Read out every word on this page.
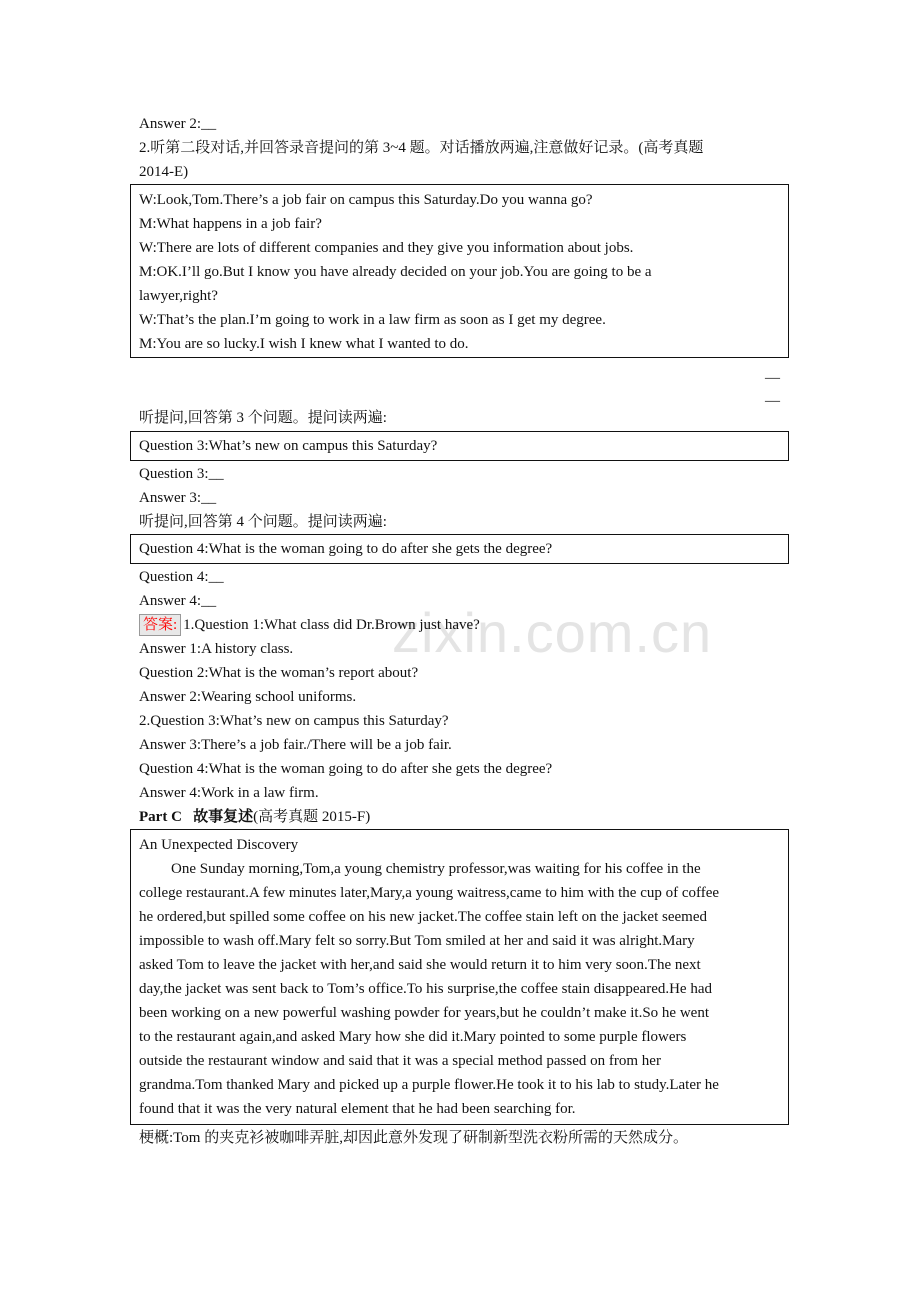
zixin.com.cn
Answer 2:__
2.听第二段对话,并回答录音提问的第 3~4 题。对话播放两遍,注意做好记录。(高考真题
2014-E)
W:Look,Tom.There’s a job fair on campus this Saturday.Do you wanna go?
M:What happens in a job fair?
W:There are lots of different companies and they give you information about jobs.
M:OK.I’ll go.But I know you have already decided on your job.You are going to be a
lawyer,right?
W:That’s the plan.I’m going to work in a law firm as soon as I get my degree.
M:You are so lucky.I wish I knew what I wanted to do.
—
—
听提问,回答第 3 个问题。提问读两遍:
Question 3:What’s new on campus this Saturday?
Question 3:__
Answer 3:__
听提问,回答第 4 个问题。提问读两遍:
Question 4:What is the woman going to do after she gets the degree?
Question 4:__
Answer 4:__
答案: 1.Question 1:What class did Dr.Brown just have?
Answer 1:A history class.
Question 2:What is the woman’s report about?
Answer 2:Wearing school uniforms.
2.Question 3:What’s new on campus this Saturday?
Answer 3:There’s a job fair./There will be a job fair.
Question 4:What is the woman going to do after she gets the degree?
Answer 4:Work in a law firm.
Part C 故事复述(高考真题 2015-F)
An Unexpected Discovery
One Sunday morning,Tom,a young chemistry professor,was waiting for his coffee in the
college restaurant.A few minutes later,Mary,a young waitress,came to him with the cup of coffee
he ordered,but spilled some coffee on his new jacket.The coffee stain left on the jacket seemed
impossible to wash off.Mary felt so sorry.But Tom smiled at her and said it was alright.Mary
asked Tom to leave the jacket with her,and said she would return it to him very soon.The next
day,the jacket was sent back to Tom’s office.To his surprise,the coffee stain disappeared.He had
been working on a new powerful washing powder for years,but he couldn’t make it.So he went
to the restaurant again,and asked Mary how she did it.Mary pointed to some purple flowers
outside the restaurant window and said that it was a special method passed on from her
grandma.Tom thanked Mary and picked up a purple flower.He took it to his lab to study.Later he
found that it was the very natural element that he had been searching for.
梗概:Tom 的夹克衫被咖啡弄脏,却因此意外发现了研制新型洗衣粉所需的天然成分。
